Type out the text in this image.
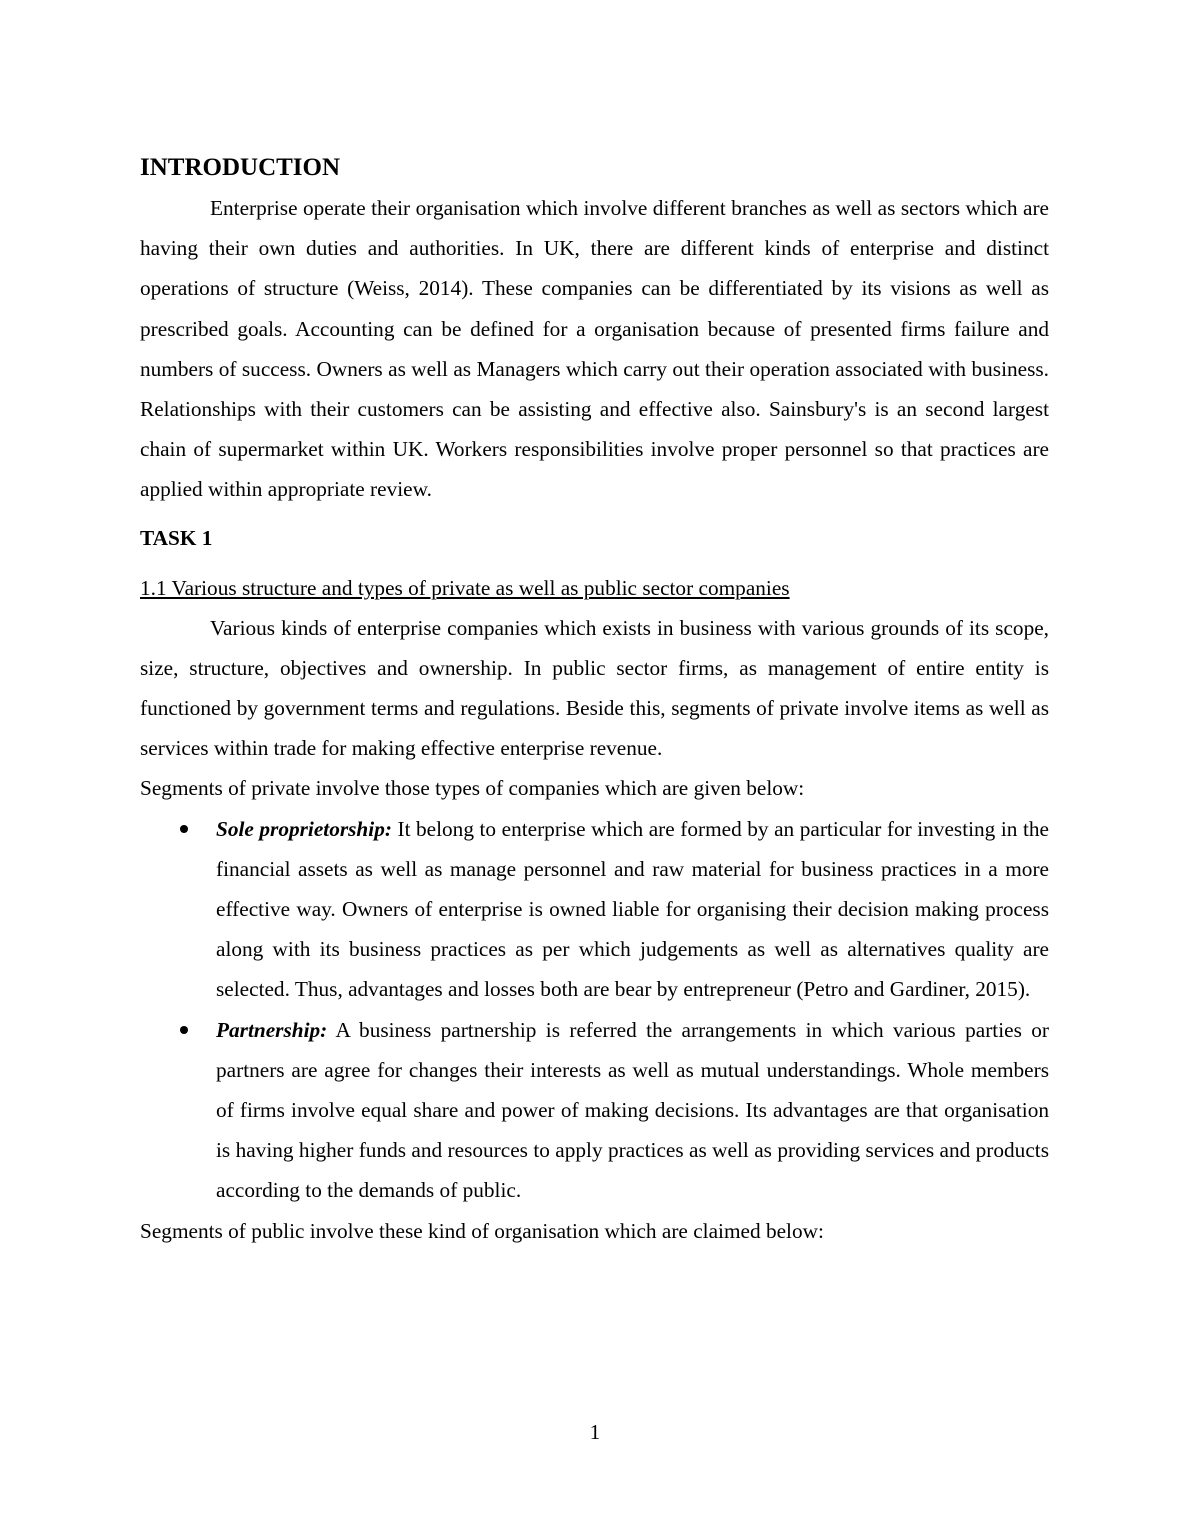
INTRODUCTION

Enterprise operate their organisation which involve different branches as well as sectors which are having their own duties and authorities. In UK, there are different kinds of enterprise and distinct operations of structure (Weiss, 2014). These companies can be differentiated by its visions as well as prescribed goals. Accounting can be defined for a organisation because of presented firms failure and numbers of success. Owners as well as Managers which carry out their operation associated with business. Relationships with their customers can be assisting and effective also. Sainsbury's is an second largest chain of supermarket within UK. Workers responsibilities involve proper personnel so that practices are applied within appropriate review.

TASK 1
1.1 Various structure and types of private as well as public sector companies

Various kinds of enterprise companies which exists in business with various grounds of its scope, size, structure, objectives and ownership. In public sector firms, as management of entire entity is functioned by government terms and regulations. Beside this, segments of private involve items as well as services within trade for making effective enterprise revenue.

Segments of private involve those types of companies which are given below:

Sole proprietorship: It belong to enterprise which are formed by an particular for investing in the financial assets as well as manage personnel and raw material for business practices in a more effective way. Owners of enterprise is owned liable for organising their decision making process along with its business practices as per which judgements as well as alternatives quality are selected. Thus, advantages and losses both are bear by entrepreneur (Petro and Gardiner, 2015).
Partnership: A business partnership is referred the arrangements in which various parties or partners are agree for changes their interests as well as mutual understandings. Whole members of firms involve equal share and power of making decisions. Its advantages are that organisation is having higher funds and resources to apply practices as well as providing services and products according to the demands of public.

Segments of public involve these kind of organisation which are claimed below:

1
